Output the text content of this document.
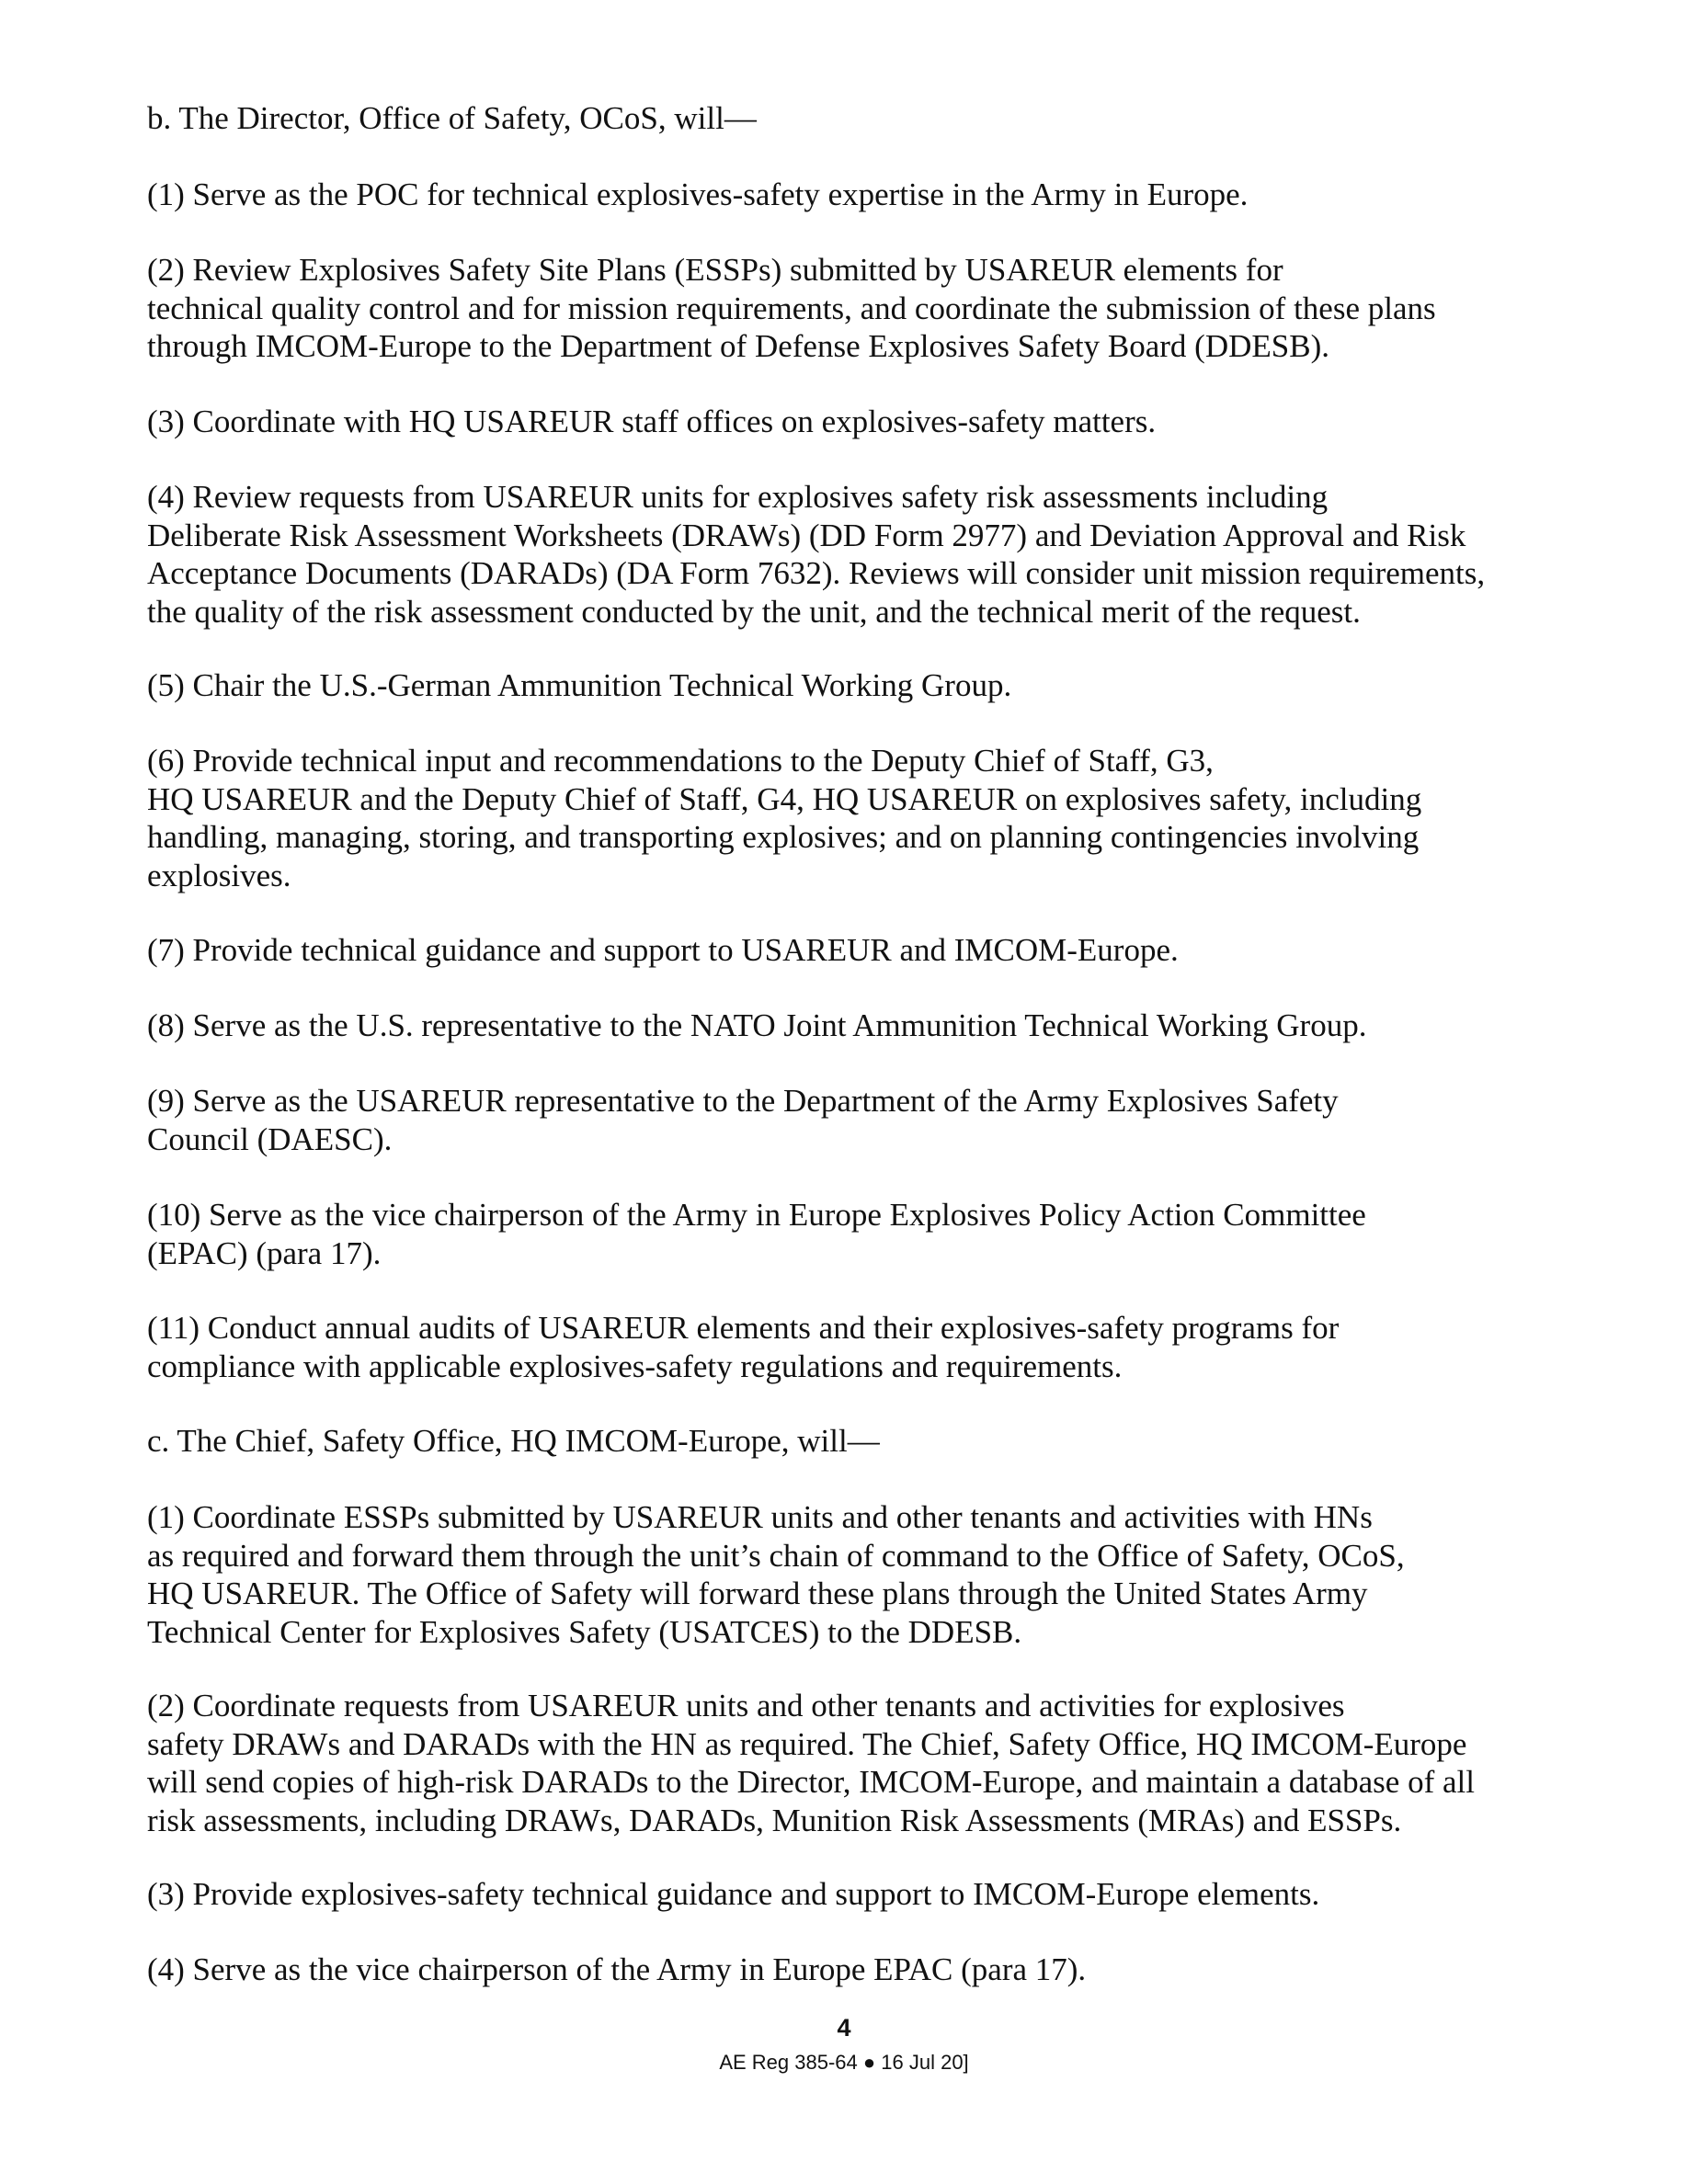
b. The Director, Office of Safety, OCoS, will—

(1) Serve as the POC for technical explosives-safety expertise in the Army in Europe.

(2) Review Explosives Safety Site Plans (ESSPs) submitted by USAREUR elements for
technical quality control and for mission requirements, and coordinate the submission of these plans
through IMCOM-Europe to the Department of Defense Explosives Safety Board (DDESB).

(3) Coordinate with HQ USAREUR staff offices on explosives-safety matters.

(4) Review requests from USAREUR units for explosives safety risk assessments including
Deliberate Risk Assessment Worksheets (DRAWs) (DD Form 2977) and Deviation Approval and Risk
Acceptance Documents (DARADs) (DA Form 7632). Reviews will consider unit mission requirements,
the quality of the risk assessment conducted by the unit, and the technical merit of the request.

(5) Chair the U.S.-German Ammunition Technical Working Group.

(6) Provide technical input and recommendations to the Deputy Chief of Staff, G3,
HQ USAREUR and the Deputy Chief of Staff, G4, HQ USAREUR on explosives safety, including
handling, managing, storing, and transporting explosives; and on planning contingencies involving
explosives.

(7) Provide technical guidance and support to USAREUR and IMCOM-Europe.

(8) Serve as the U.S. representative to the NATO Joint Ammunition Technical Working Group.

(9) Serve as the USAREUR representative to the Department of the Army Explosives Safety
Council (DAESC).

(10) Serve as the vice chairperson of the Army in Europe Explosives Policy Action Committee
(EPAC) (para 17).

(11) Conduct annual audits of USAREUR elements and their explosives-safety programs for
compliance with applicable explosives-safety regulations and requirements.

c. The Chief, Safety Office, HQ IMCOM-Europe, will—

(1) Coordinate ESSPs submitted by USAREUR units and other tenants and activities with HNs
as required and forward them through the unit’s chain of command to the Office of Safety, OCoS,
HQ USAREUR. The Office of Safety will forward these plans through the United States Army
Technical Center for Explosives Safety (USATCES) to the DDESB.

(2) Coordinate requests from USAREUR units and other tenants and activities for explosives
safety DRAWs and DARADs with the HN as required. The Chief, Safety Office, HQ IMCOM-Europe
will send copies of high-risk DARADs to the Director, IMCOM-Europe, and maintain a database of all
risk assessments, including DRAWs, DARADs, Munition Risk Assessments (MRAs) and ESSPs.

(3) Provide explosives-safety technical guidance and support to IMCOM-Europe elements.

(4) Serve as the vice chairperson of the Army in Europe EPAC (para 17).

4
AE Reg 385-64 ● 16 Jul 20]
